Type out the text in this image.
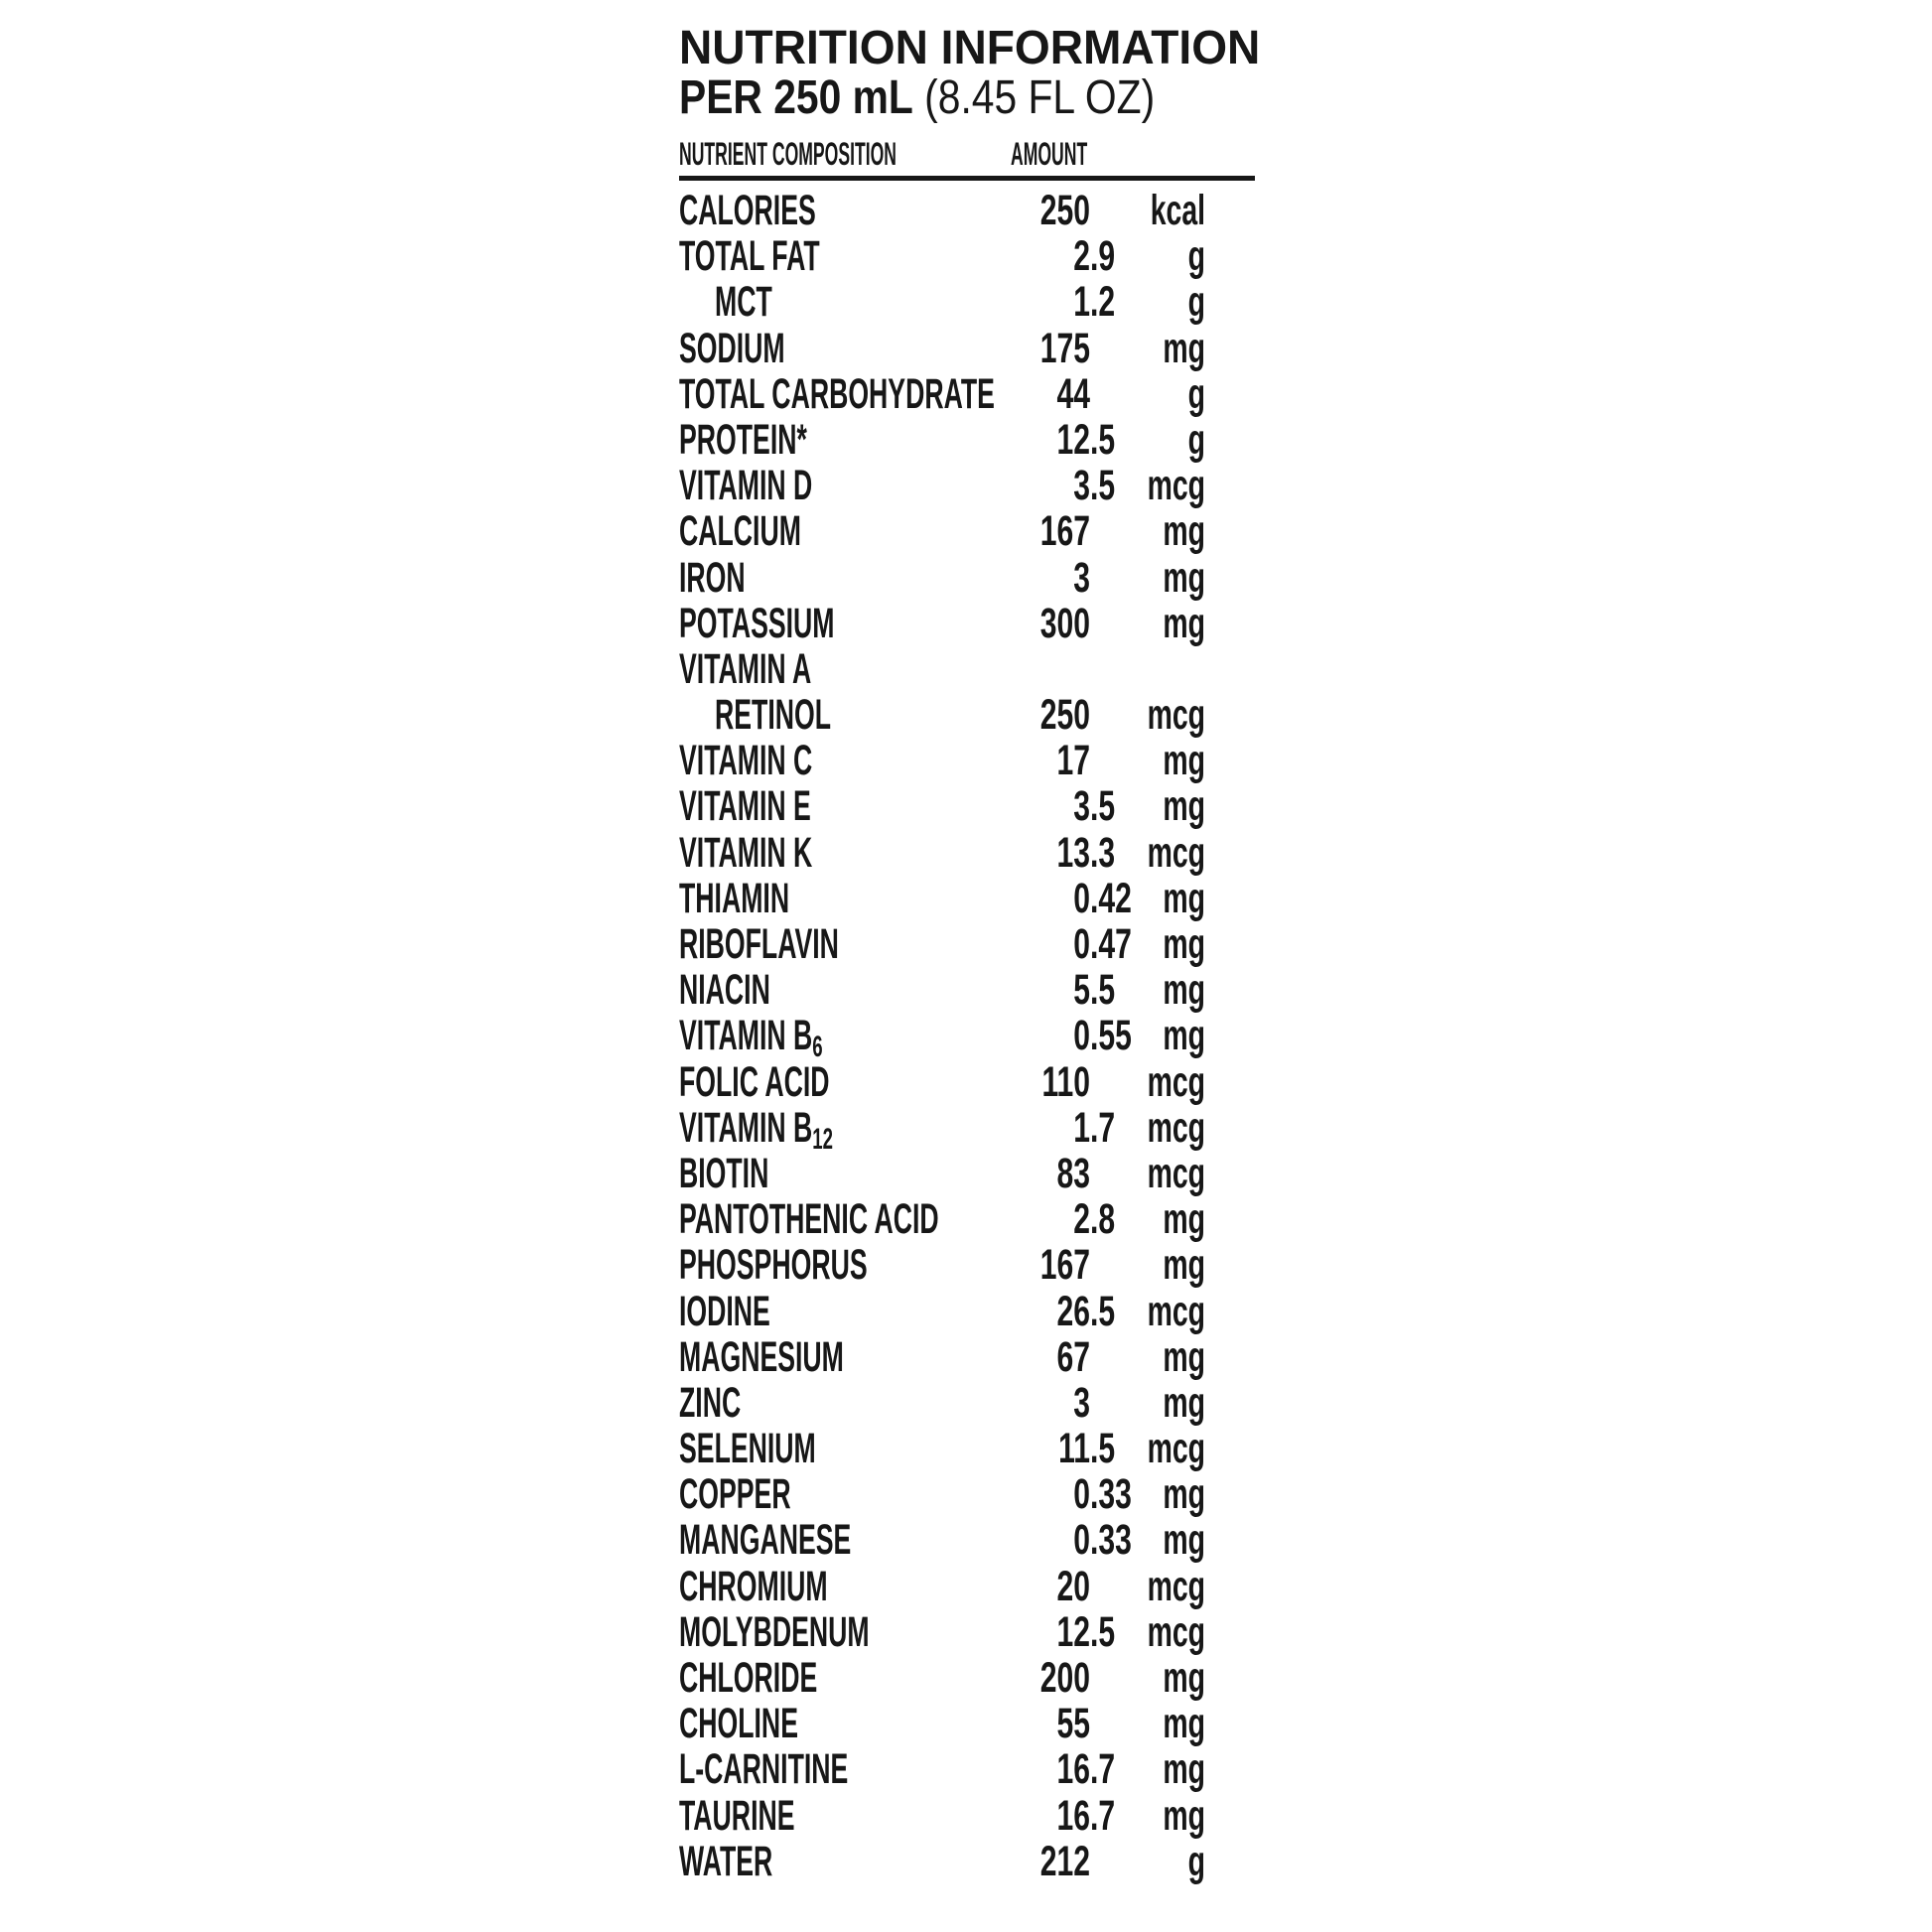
NUTRITION INFORMATION
PER 250 mL (8.45 FL OZ)
NUTRIENT COMPOSITION	AMOUNT
CALORIES	250	kcal
TOTAL FAT	2 .9	g
MCT	1 .2	g
SODIUM	175	mg
TOTAL CARBOHYDRATE	44	g
PROTEIN*	12 .5	g
VITAMIN D	3 .5 mcg
CALCIUM	167	mg
IRON	3	mg
POTASSIUM	300	mg
VITAMIN A
RETINOL	250	mcg
VITAMIN C	17	mg
VITAMIN E	3 .5	mg
VITAMIN K	13 .3 mcg
THIAMIN	0 .42 mg
RIBOFLAVIN	0 .47 mg
NIACIN	5 .5	mg
VITAMIN B6	0 .55 mg
FOLIC ACID	110	mcg
VITAMIN B12	1 .7 mcg
BIOTIN	83	mcg
PANTOTHENIC ACID	2 .8	mg
PHOSPHORUS	167	mg
IODINE	26 .5 mcg
MAGNESIUM	67	mg
ZINC	3	mg
SELENIUM	11 .5 mcg
COPPER	0 .33 mg
MANGANESE	0 .33 mg
CHROMIUM	20	mcg
MOLYBDENUM	12 .5 mcg
CHLORIDE	200	mg
CHOLINE	55	mg
L-CARNITINE	16 .7	mg
TAURINE	16 .7	mg
WATER	212	g
